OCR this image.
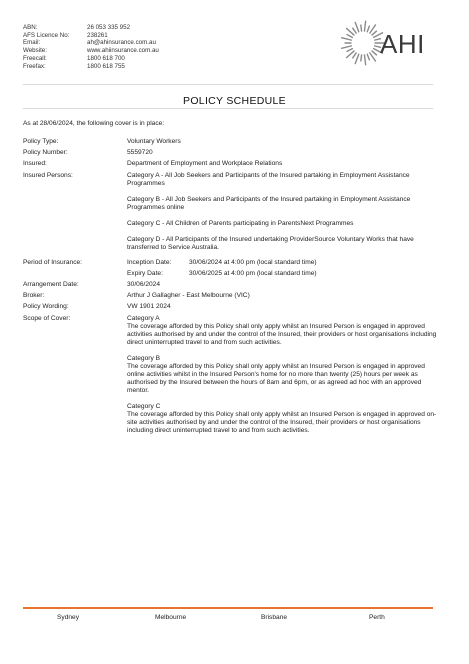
ABN:	26 053 335 952
AFS Licence No:	238261
Email:	ah@ahinsurance.com.au
Website:	www.ahiinsurance.com.au
Freecall:	1800 618 700
Freefax:	1800 618 755
AHI
POLICY SCHEDULE
As at 28/06/2024, the following cover is in place:
Policy Type:	Voluntary Workers
Policy Number:	5559720
Insured:	Department of Employment and Workplace Relations
Insured Persons:	Category A - All Job Seekers and Participants of the Insured partaking in Employment Assistance Programmes
Category B - All Job Seekers and Participants of the Insured partaking in Employment Assistance Programmes online
Category C - All Children of Parents participating in ParentsNext Programmes
Category D - All Participants of the Insured undertaking ProviderSource Voluntary Works that have transferred to Service Australia.
Period of Insurance:	Inception Date:	30/06/2024 at 4:00 pm (local standard time)
Expiry Date:	30/06/2025 at 4:00 pm (local standard time)
Arrangement Date:	30/06/2024
Broker:	Arthur J Gallagher - East Melbourne (VIC)
Policy Wording:	VW 1901 2024
Scope of Cover:	Category A
The coverage afforded by this Policy shall only apply whilst an Insured Person is engaged in approved activities authorised by and under the control of the Insured, their providers or host organisations including direct uninterrupted travel to and from such activities.
Category B
The coverage afforded by this Policy shall only apply whilst an Insured Person is engaged in approved online activities whilst in the Insured Person's home for no more than twenty (25) hours per week as authorised by the Insured between the hours of 8am and 6pm, or as agreed ad hoc with an approved mentor.
Category C
The coverage afforded by this Policy shall only apply whilst an Insured Person is engaged in approved on-site activities authorised by and under the control of the Insured, their providers or host organisations including direct uninterrupted travel to and from such activities.
Sydney	Melbourne	Brisbane	Perth
